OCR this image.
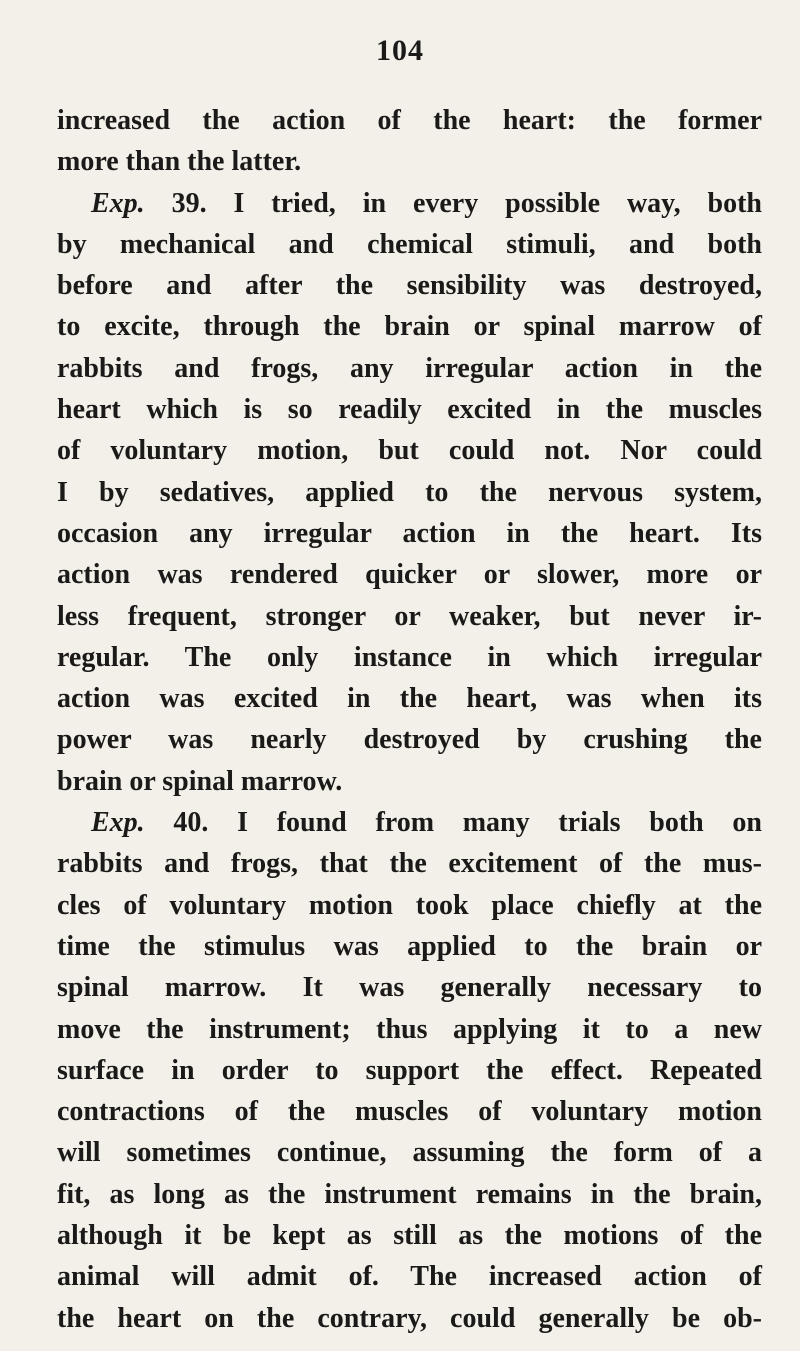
104
increased the action of the heart: the former
more than the latter.
Exp. 39. I tried, in every possible way, both
by mechanical and chemical stimuli, and both
before and after the sensibility was destroyed,
to excite, through the brain or spinal marrow of
rabbits and frogs, any irregular action in the
heart which is so readily excited in the muscles
of voluntary motion, but could not. Nor could
I by sedatives, applied to the nervous system,
occasion any irregular action in the heart. Its
action was rendered quicker or slower, more or
less frequent, stronger or weaker, but never ir-
regular. The only instance in which irregular
action was excited in the heart, was when its
power was nearly destroyed by crushing the
brain or spinal marrow.
Exp. 40. I found from many trials both on
rabbits and frogs, that the excitement of the mus-
cles of voluntary motion took place chiefly at the
time the stimulus was applied to the brain or
spinal marrow. It was generally necessary to
move the instrument; thus applying it to a new
surface in order to support the effect. Repeated
contractions of the muscles of voluntary motion
will sometimes continue, assuming the form of a
fit, as long as the instrument remains in the brain,
although it be kept as still as the motions of the
animal will admit of. The increased action of
the heart on the contrary, could generally be ob-
